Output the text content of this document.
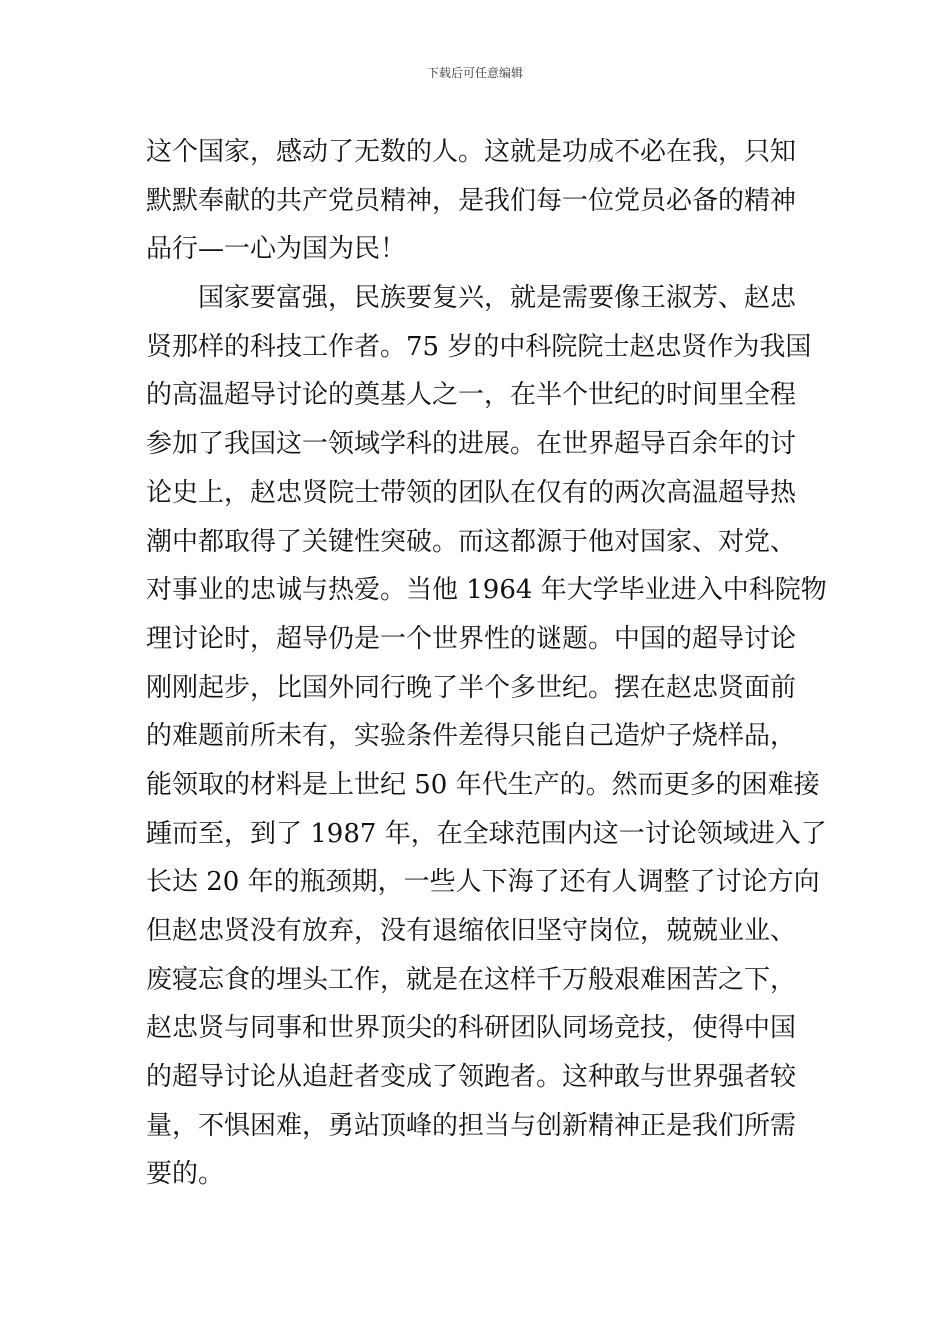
下载后可任意编辑
这个国家，感动了无数的人。这就是功成不必在我，只知
默默奉献的共产党员精神，是我们每一位党员必备的精神
品行—一心为国为民！
国家要富强，民族要复兴，就是需要像王淑芳、赵忠
贤那样的科技工作者。75 岁的中科院院士赵忠贤作为我国
的高温超导讨论的奠基人之一，在半个世纪的时间里全程
参加了我国这一领域学科的进展。在世界超导百余年的讨
论史上，赵忠贤院士带领的团队在仅有的两次高温超导热
潮中都取得了关键性突破。而这都源于他对国家、对党、
对事业的忠诚与热爱。当他 1964 年大学毕业进入中科院物
理讨论时，超导仍是一个世界性的谜题。中国的超导讨论
刚刚起步，比国外同行晚了半个多世纪。摆在赵忠贤面前
的难题前所未有，实验条件差得只能自己造炉子烧样品，
能领取的材料是上世纪 50 年代生产的。然而更多的困难接
踵而至，到了 1987 年，在全球范围内这一讨论领域进入了
长达 20 年的瓶颈期，一些人下海了还有人调整了讨论方向
但赵忠贤没有放弃，没有退缩依旧坚守岗位，兢兢业业、
废寝忘食的埋头工作，就是在这样千万般艰难困苦之下，
赵忠贤与同事和世界顶尖的科研团队同场竞技，使得中国
的超导讨论从追赶者变成了领跑者。这种敢与世界强者较
量，不惧困难，勇站顶峰的担当与创新精神正是我们所需
要的。
